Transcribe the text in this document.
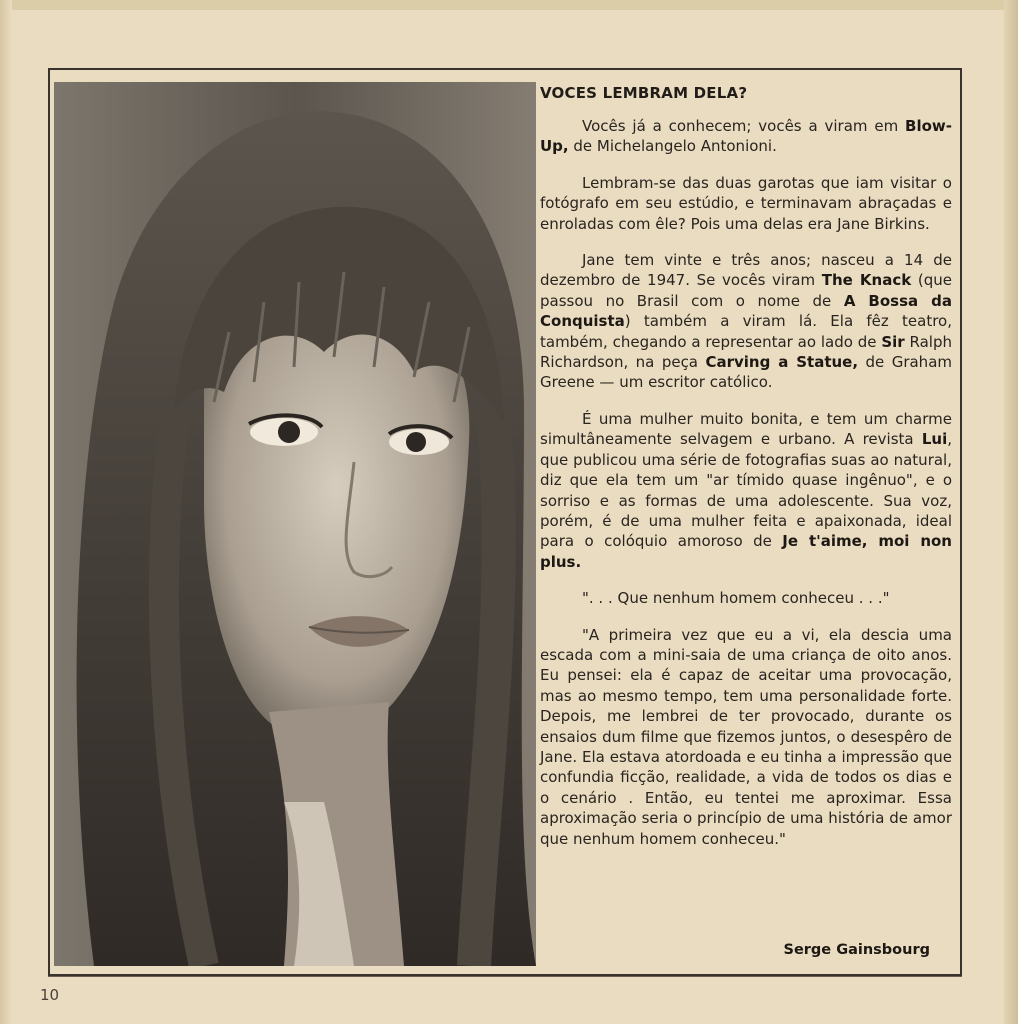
VOCES LEMBRAM DELA?

Vocês já a conhecem; vocês a viram em Blow-Up, de Michelangelo Antonioni.

Lembram-se das duas garotas que iam visitar o fotógrafo em seu estúdio, e terminavam abraçadas e enroladas com êle? Pois uma delas era Jane Birkins.

Jane tem vinte e três anos; nasceu a 14 de dezembro de 1947. Se vocês viram The Knack (que passou no Brasil com o nome de A Bossa da Conquista) também a viram lá. Ela fêz teatro, também, chegando a representar ao lado de Sir Ralph Richardson, na peça Carving a Statue, de Graham Greene — um escritor católico.

É uma mulher muito bonita, e tem um charme simultâneamente selvagem e urbano. A revista Lui, que publicou uma série de fotografias suas ao natural, diz que ela tem um "ar tímido quase ingênuo", e o sorriso e as formas de uma adolescente. Sua voz, porém, é de uma mulher feita e apaixonada, ideal para o colóquio amoroso de Je t'aime, moi non plus.

". . . Que nenhum homem conheceu . . ."

"A primeira vez que eu a vi, ela descia uma escada com a mini-saia de uma criança de oito anos. Eu pensei: ela é capaz de aceitar uma provocação, mas ao mesmo tempo, tem uma personalidade forte. Depois, me lembrei de ter provocado, durante os ensaios dum filme que fizemos juntos, o desespêro de Jane. Ela estava atordoada e eu tinha a impressão que confundia ficção, realidade, a vida de todos os dias e o cenário . Então, eu tentei me aproximar. Essa aproximação seria o princípio de uma história de amor que nenhum homem conheceu."

Serge Gainsbourg
10
